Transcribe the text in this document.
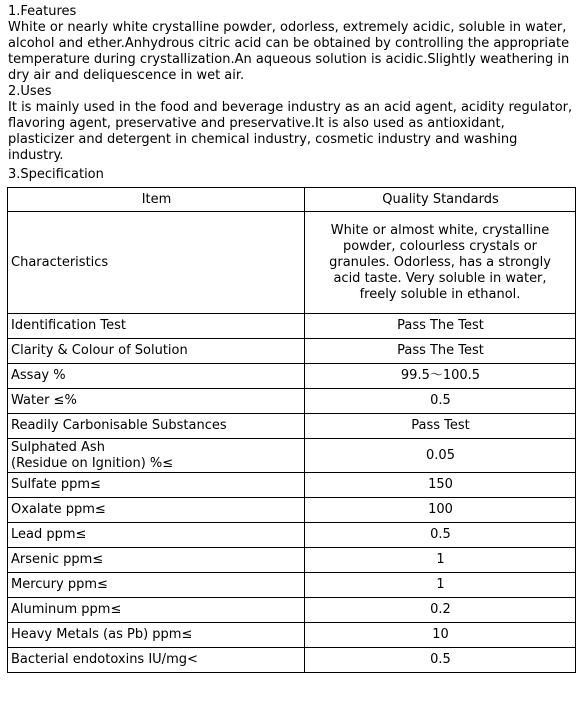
1.Features

White or nearly white crystalline powder, odorless, extremely acidic, soluble in water, alcohol and ether.Anhydrous citric acid can be obtained by controlling the appropriate temperature during crystallization.An aqueous solution is acidic.Slightly weathering in dry air and deliquescence in wet air.

2.Uses

It is mainly used in the food and beverage industry as an acid agent, acidity regulator, flavoring agent, preservative and preservative.It is also used as antioxidant, plasticizer and detergent in chemical industry, cosmetic industry and washing industry.

3.Specification

Item	Quality Standards
Characteristics	White or almost white, crystalline powder, colourless crystals or granules. Odorless, has a strongly acid taste. Very soluble in water, freely soluble in ethanol.
Identification Test	Pass The Test
Clarity & Colour of Solution	Pass The Test
Assay %	99.5～100.5
Water ≤%	0.5
Readily Carbonisable Substances	Pass Test

Sulphated Ash
(Residue on Ignition) %≤	0.05
Sulfate ppm≤	150
Oxalate ppm≤	100
Lead ppm≤	0.5
Arsenic ppm≤	1
Mercury ppm≤	1
Aluminum ppm≤	0.2
Heavy Metals (as Pb) ppm≤	10
Bacterial endotoxins IU/mg<	0.5
